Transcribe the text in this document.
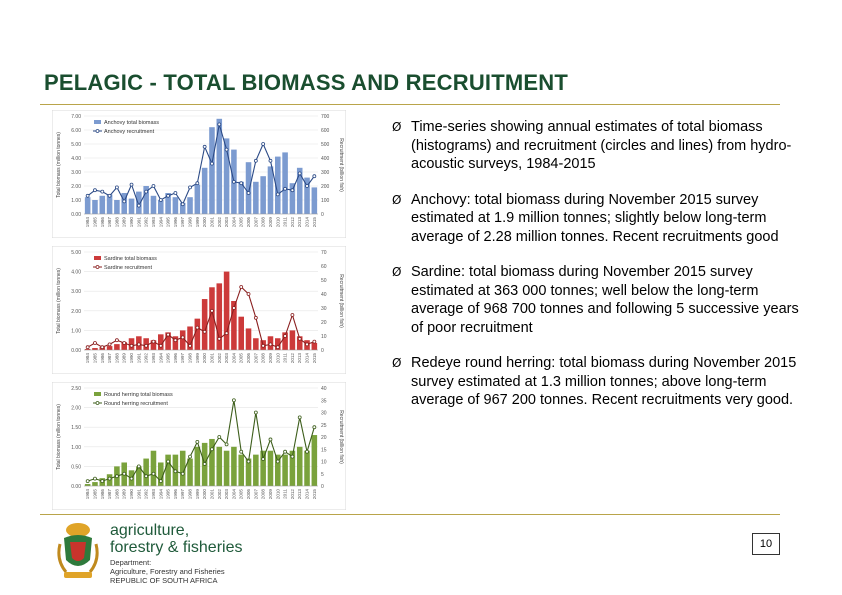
PELAGIC - TOTAL BIOMASS AND RECRUITMENT
7.00
6.00
5.00
4.00
3.00
2.00
1.00
0.00
700
600
500
400
300
200
100
0
Total biomass (million tonnes)	Recruitment (billion fish)
1984 1985 1986 1987 1988 1989 1990 1991 1992 1993 1994 1995 1996 1997 1998 1999 2000 2001 2002 2003 2004 2005 2006 2007 2008 2009 2010 2011 2012 2013 2014 2015
Anchovy total biomass
Anchovy recruitment
5.00
4.00
3.00
2.00
1.00
0.00
70
60
50
40
30
20
10
0
Total biomass (million tonnes)	Recruitment (billion fish)
1984 1985 1986 1987 1988 1989 1990 1991 1992 1993 1994 1995 1996 1997 1998 1999 2000 2001 2002 2003 2004 2005 2006 2007 2008 2009 2010 2011 2012 2013 2014 2015
Sardine total biomass
Sardine recruitment
2.50
2.00
1.50
1.00
0.50
0.00
40
35
30
25
20
15
10
5
0
Total biomass (million tonnes)	Recruitment (billion fish)
1984 1985 1986 1987 1988 1989 1990 1991 1992 1993 1994 1995 1996 1997 1998 1999 2000 2001 2002 2003 2004 2005 2006 2007 2008 2009 2010 2011 2012 2013 2014 2015
Round herring total biomass
Round herring recruitment
Ø Time-series showing annual estimates of total biomass (histograms) and recruitment (circles and lines) from hydro-acoustic surveys, 1984-2015
Ø Anchovy: total biomass during November 2015 survey estimated at 1.9 million tonnes; slightly below long-term average of 2.28 million tonnes. Recent recruitments good
Ø Sardine: total biomass during November 2015 survey estimated at 363 000 tonnes; well below the long-term average of 968 700 tonnes and following 5 successive years of poor recruitment
Ø Redeye round herring: total biomass during November 2015 survey estimated at 1.3 million tonnes; above long-term average of 967 200 tonnes. Recent recruitments very good.
agriculture,
forestry & fisheries
Department:
Agriculture, Forestry and Fisheries
REPUBLIC OF SOUTH AFRICA
10
